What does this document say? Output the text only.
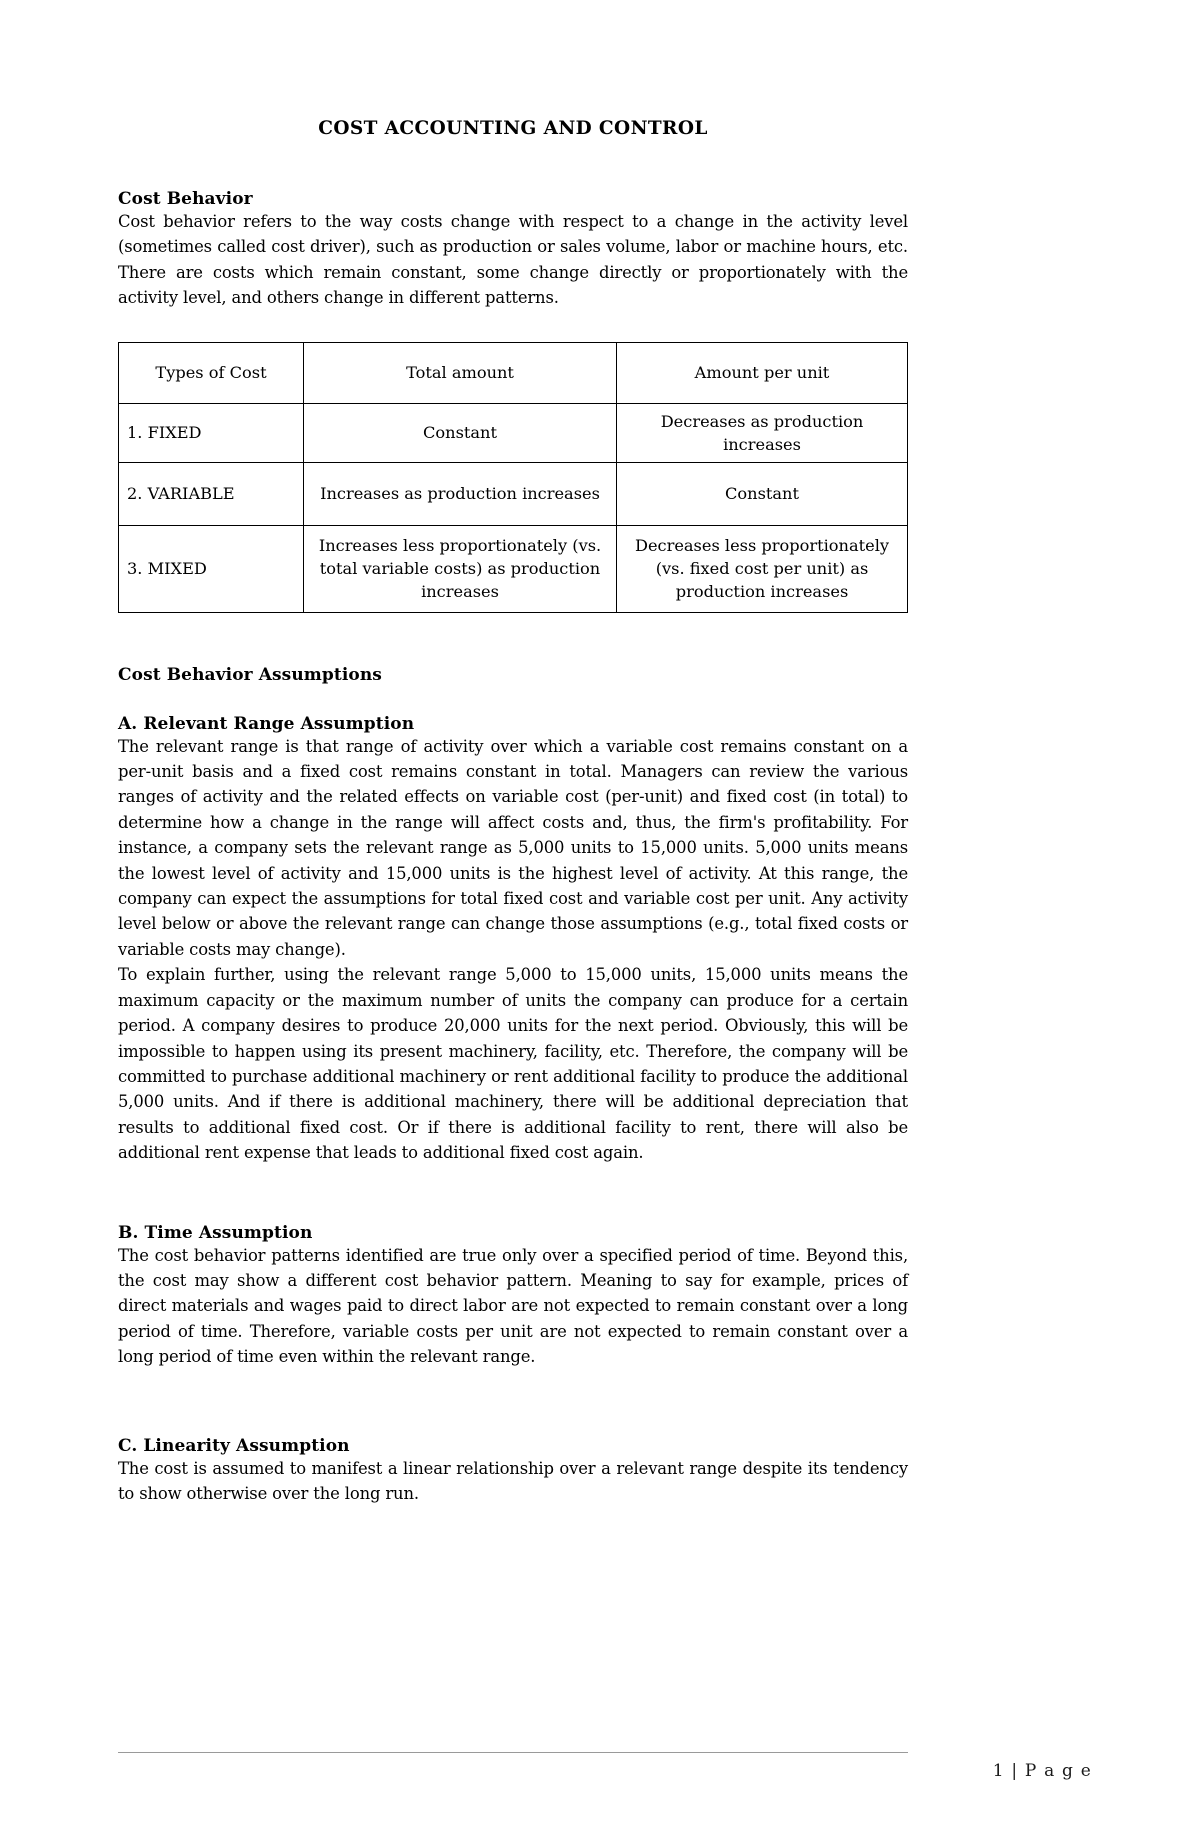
COST ACCOUNTING AND CONTROL
Cost Behavior

Cost behavior refers to the way costs change with respect to a change in the activity level (sometimes called cost driver), such as production or sales volume, labor or machine hours, etc. There are costs which remain constant, some change directly or proportionately with the activity level, and others change in different patterns.

Types of Cost	Total amount	Amount per unit
1. FIXED	Constant	Decreases as production increases
2. VARIABLE	Increases as production increases	Constant
3. MIXED	Increases less proportionately (vs. total variable costs) as production increases	Decreases less proportionately (vs. fixed cost per unit) as production increases
Cost Behavior Assumptions
A. Relevant Range Assumption

The relevant range is that range of activity over which a variable cost remains constant on a per-unit basis and a fixed cost remains constant in total. Managers can review the various ranges of activity and the related effects on variable cost (per-unit) and fixed cost (in total) to determine how a change in the range will affect costs and, thus, the firm's profitability. For instance, a company sets the relevant range as 5,000 units to 15,000 units. 5,000 units means the lowest level of activity and 15,000 units is the highest level of activity. At this range, the company can expect the assumptions for total fixed cost and variable cost per unit. Any activity level below or above the relevant range can change those assumptions (e.g., total fixed costs or variable costs may change).

To explain further, using the relevant range 5,000 to 15,000 units, 15,000 units means the maximum capacity or the maximum number of units the company can produce for a certain period. A company desires to produce 20,000 units for the next period. Obviously, this will be impossible to happen using its present machinery, facility, etc. Therefore, the company will be committed to purchase additional machinery or rent additional facility to produce the additional 5,000 units. And if there is additional machinery, there will be additional depreciation that results to additional fixed cost. Or if there is additional facility to rent, there will also be additional rent expense that leads to additional fixed cost again.

B. Time Assumption

The cost behavior patterns identified are true only over a specified period of time. Beyond this, the cost may show a different cost behavior pattern. Meaning to say for example, prices of direct materials and wages paid to direct labor are not expected to remain constant over a long period of time. Therefore, variable costs per unit are not expected to remain constant over a long period of time even within the relevant range.

C. Linearity Assumption

The cost is assumed to manifest a linear relationship over a relevant range despite its tendency to show otherwise over the long run.

1 | P a g e
